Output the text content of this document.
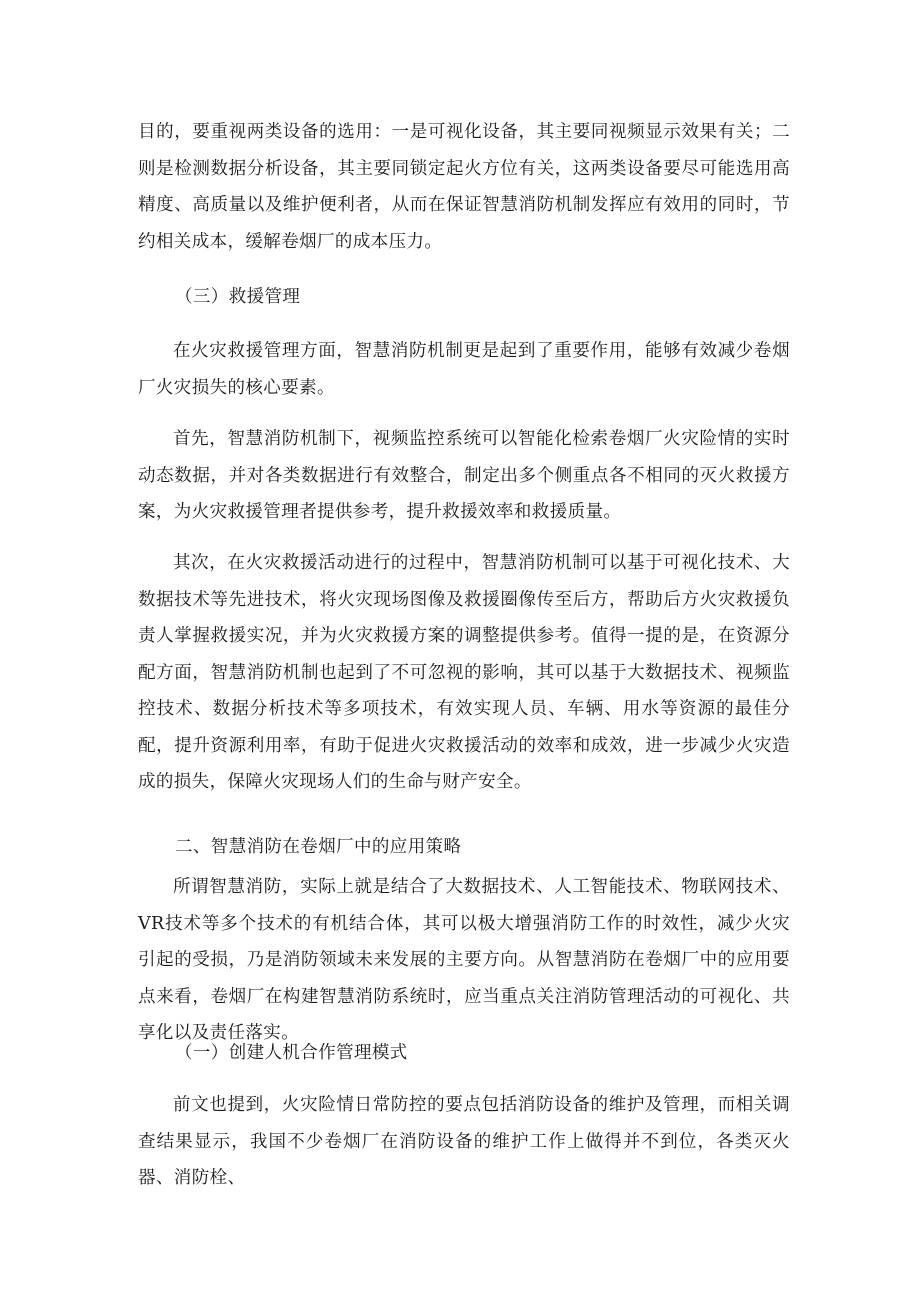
目的，要重视两类设备的选用：一是可视化设备，其主要同视频显示效果有关；二则是检测数据分析设备，其主要同锁定起火方位有关，这两类设备要尽可能选用高精度、高质量以及维护便利者，从而在保证智慧消防机制发挥应有效用的同时，节约相关成本，缓解卷烟厂的成本压力。

（三）救援管理

在火灾救援管理方面，智慧消防机制更是起到了重要作用，能够有效减少卷烟厂火灾损失的核心要素。

首先，智慧消防机制下，视频监控系统可以智能化检索卷烟厂火灾险情的实时动态数据，并对各类数据进行有效整合，制定出多个侧重点各不相同的灭火救援方案，为火灾救援管理者提供参考，提升救援效率和救援质量。

其次，在火灾救援活动进行的过程中，智慧消防机制可以基于可视化技术、大数据技术等先进技术，将火灾现场图像及救援圈像传至后方，帮助后方火灾救援负责人掌握救援实况，并为火灾救援方案的调整提供参考。值得一提的是，在资源分配方面，智慧消防机制也起到了不可忽视的影响，其可以基于大数据技术、视频监控技术、数据分析技术等多项技术，有效实现人员、车辆、用水等资源的最佳分配，提升资源利用率，有助于促进火灾救援活动的效率和成效，进一步减少火灾造成的损失，保障火灾现场人们的生命与财产安全。

二、智慧消防在卷烟厂中的应用策略

所谓智慧消防，实际上就是结合了大数据技术、人工智能技术、物联网技术、VR技术等多个技术的有机结合体，其可以极大增强消防工作的时效性，减少火灾引起的受损，乃是消防领域未来发展的主要方向。从智慧消防在卷烟厂中的应用要点来看，卷烟厂在构建智慧消防系统时，应当重点关注消防管理活动的可视化、共享化以及责任落实。

（一）创建人机合作管理模式

前文也提到，火灾险情日常防控的要点包括消防设备的维护及管理，而相关调查结果显示，我国不少卷烟厂在消防设备的维护工作上做得并不到位，各类灭火器、消防栓、
